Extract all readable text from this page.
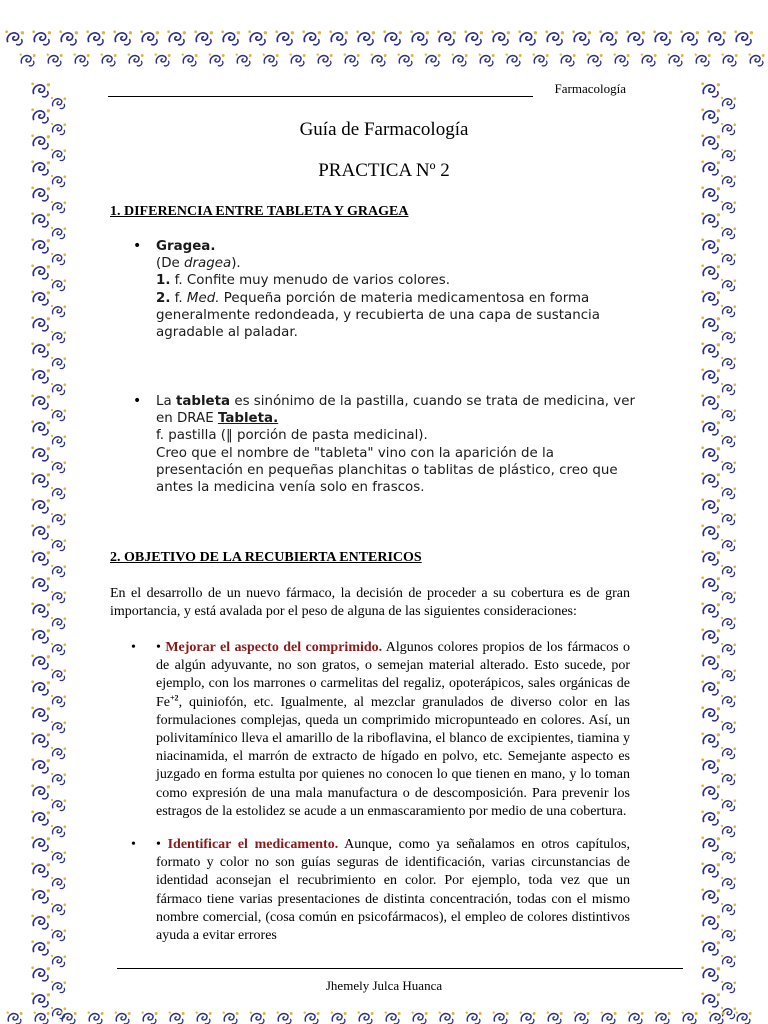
Farmacología
Guía de Farmacología
PRACTICA Nº 2
1. DIFERENCIA ENTRE TABLETA Y GRAGEA
• Gragea.

(De dragea).

1. f. Confite muy menudo de varios colores.

2. f. Med. Pequeña porción de materia medicamentosa en forma generalmente redondeada, y recubierta de una capa de sustancia agradable al paladar.

• La tableta es sinónimo de la pastilla, cuando se trata de medicina, ver en DRAE Tableta.

f. pastilla (‖ porción de pasta medicinal).

Creo que el nombre de "tableta" vino con la aparición de la presentación en pequeñas planchitas o tablitas de plástico, creo que antes la medicina venía solo en frascos.

2. OBJETIVO DE LA RECUBIERTA ENTERICOS
En el desarrollo de un nuevo fármaco, la decisión de proceder a su cobertura es de gran importancia, y está avalada por el peso de alguna de las siguientes consideraciones:
• • Mejorar el aspecto del comprimido. Algunos colores propios de los fármacos o de algún adyuvante, no son gratos, o semejan material alterado. Esto sucede, por ejemplo, con los marrones o carmelitas del regaliz, opoterápicos, sales orgánicas de $Fe^{+2}$, quiniofón, etc. Igualmente, al mezclar granulados de diverso color en las formulaciones complejas, queda un comprimido micropunteado en colores. Así, un polivitamínico lleva el amarillo de la riboflavina, el blanco de excipientes, tiamina y niacinamida, el marrón de extracto de hígado en polvo, etc. Semejante aspecto es juzgado en forma estulta por quienes no conocen lo que tienen en mano, y lo toman como expresión de una mala manufactura o de descomposición. Para prevenir los estragos de la estolidez se acude a un enmascaramiento por medio de una cobertura.

• • Identificar el medicamento. Aunque, como ya señalamos en otros capítulos, formato y color no son guías seguras de identificación, varias circunstancias de identidad aconsejan el recubrimiento en color. Por ejemplo, toda vez que un fármaco tiene varias presentaciones de distinta concentración, todas con el mismo nombre comercial, (cosa común en psicofármacos), el empleo de colores distintivos ayuda a evitar errores

Jhemely Julca Huanca
